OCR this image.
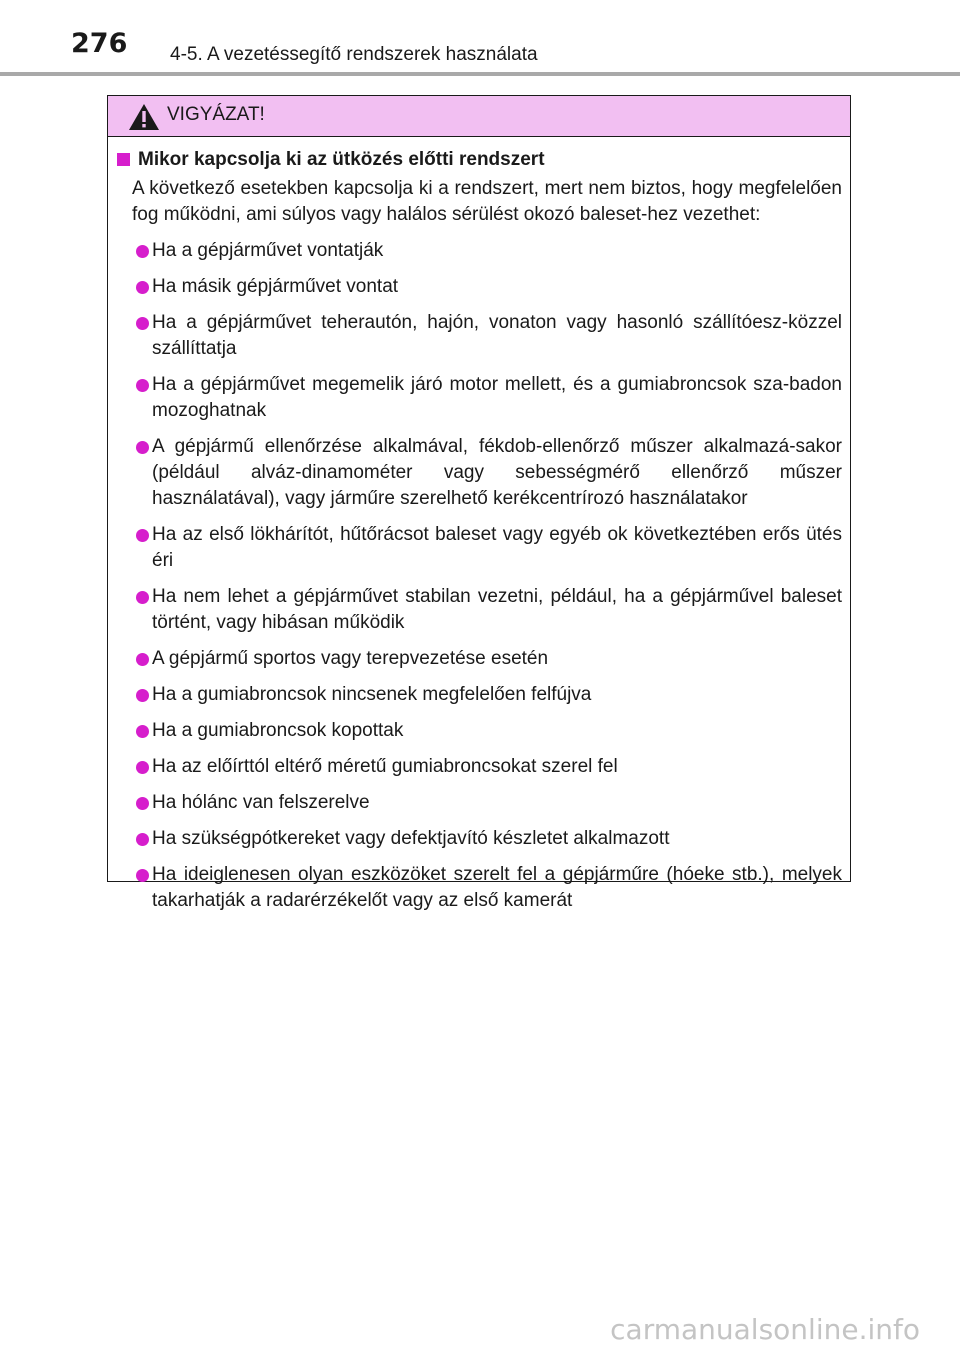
276 4-5. A vezetéssegítő rendszerek használata
VIGYÁZAT!
Mikor kapcsolja ki az ütközés előtti rendszert
A következő esetekben kapcsolja ki a rendszert, mert nem biztos, hogy megfelelően fog működni, ami súlyos vagy halálos sérülést okozó baleset-hez vezethet:
Ha a gépjárművet vontatják
Ha másik gépjárművet vontat
Ha a gépjárművet teherautón, hajón, vonaton vagy hasonló szállítóesz-közzel szállíttatja
Ha a gépjárművet megemelik járó motor mellett, és a gumiabroncsok sza-badon mozoghatnak
A gépjármű ellenőrzése alkalmával, fékdob-ellenőrző műszer alkalmazá-sakor (például alváz-dinamométer vagy sebességmérő ellenőrző műszer használatával), vagy járműre szerelhető kerékcentrírozó használatakor
Ha az első lökhárítót, hűtőrácsot baleset vagy egyéb ok következtében erős ütés éri
Ha nem lehet a gépjárművet stabilan vezetni, például, ha a gépjárművel baleset történt, vagy hibásan működik
A gépjármű sportos vagy terepvezetése esetén
Ha a gumiabroncsok nincsenek megfelelően felfújva
Ha a gumiabroncsok kopottak
Ha az előírttól eltérő méretű gumiabroncsokat szerel fel
Ha hólánc van felszerelve
Ha szükségpótkereket vagy defektjavító készletet alkalmazott
Ha ideiglenesen olyan eszközöket szerelt fel a gépjárműre (hóeke stb.), melyek takarhatják a radarérzékelőt vagy az első kamerát
carmanualsonline.info
